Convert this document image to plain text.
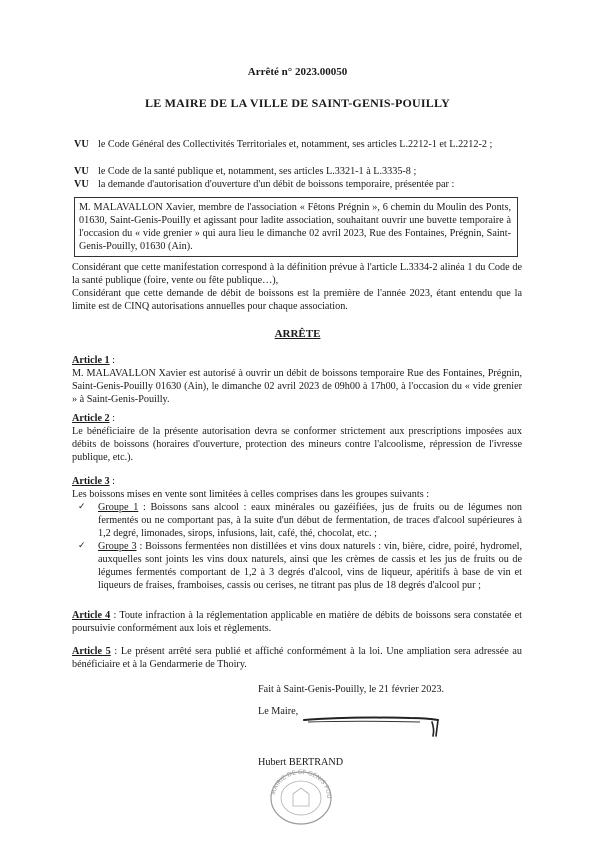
Arrêté n° 2023.00050
LE MAIRE DE LA VILLE DE SAINT-GENIS-POUILLY
VU le Code Général des Collectivités Territoriales et, notamment, ses articles L.2212-1 et L.2212-2 ;
VU le Code de la santé publique et, notamment, ses articles L.3321-1 à L.3335-8 ;
VU la demande d'autorisation d'ouverture d'un débit de boissons temporaire, présentée par :
M. MALAVALLON Xavier, membre de l'association « Fêtons Prégnin », 6 chemin du Moulin des Ponts, 01630, Saint-Genis-Pouilly et agissant pour ladite association, souhaitant ouvrir une buvette temporaire à l'occasion du « vide grenier » qui aura lieu le dimanche 02 avril 2023, Rue des Fontaines, Prégnin, Saint-Genis-Pouilly, 01630 (Ain).
Considérant que cette manifestation correspond à la définition prévue à l'article L.3334-2 alinéa 1 du Code de la santé publique (foire, vente ou fête publique…),
Considérant que cette demande de débit de boissons est la première de l'année 2023, étant entendu que la limite est de CINQ autorisations annuelles pour chaque association.
ARRÊTE
Article 1 :
M. MALAVALLON Xavier est autorisé à ouvrir un débit de boissons temporaire Rue des Fontaines, Prégnin, Saint-Genis-Pouilly 01630 (Ain), le dimanche 02 avril 2023 de 09h00 à 17h00, à l'occasion du « vide grenier » à Saint-Genis-Pouilly.
Article 2 :
Le bénéficiaire de la présente autorisation devra se conformer strictement aux prescriptions imposées aux débits de boissons (horaires d'ouverture, protection des mineurs contre l'alcoolisme, répression de l'ivresse publique, etc.).
Article 3 :
Les boissons mises en vente sont limitées à celles comprises dans les groupes suivants :
✓ Groupe 1 : Boissons sans alcool : eaux minérales ou gazéifiées, jus de fruits ou de légumes non fermentés ou ne comportant pas, à la suite d'un début de fermentation, de traces d'alcool supérieures à 1,2 degré, limonades, sirops, infusions, lait, café, thé, chocolat, etc. ;
✓ Groupe 3 : Boissons fermentées non distillées et vins doux naturels : vin, bière, cidre, poiré, hydromel, auxquelles sont joints les vins doux naturels, ainsi que les crèmes de cassis et les jus de fruits ou de légumes fermentés comportant de 1,2 à 3 degrés d'alcool, vins de liqueur, apéritifs à base de vin et liqueurs de fraises, framboises, cassis ou cerises, ne titrant pas plus de 18 degrés d'alcool pur ;
Article 4 : Toute infraction à la réglementation applicable en matière de débits de boissons sera constatée et poursuivie conformément aux lois et règlements.
Article 5 : Le présent arrêté sera publié et affiché conformément à la loi. Une ampliation sera adressée au bénéficiaire et à la Gendarmerie de Thoiry.
Fait à Saint-Genis-Pouilly, le 21 février 2023.
Le Maire,
Hubert BERTRAND
MAIRIE DE ST GENIS POU
